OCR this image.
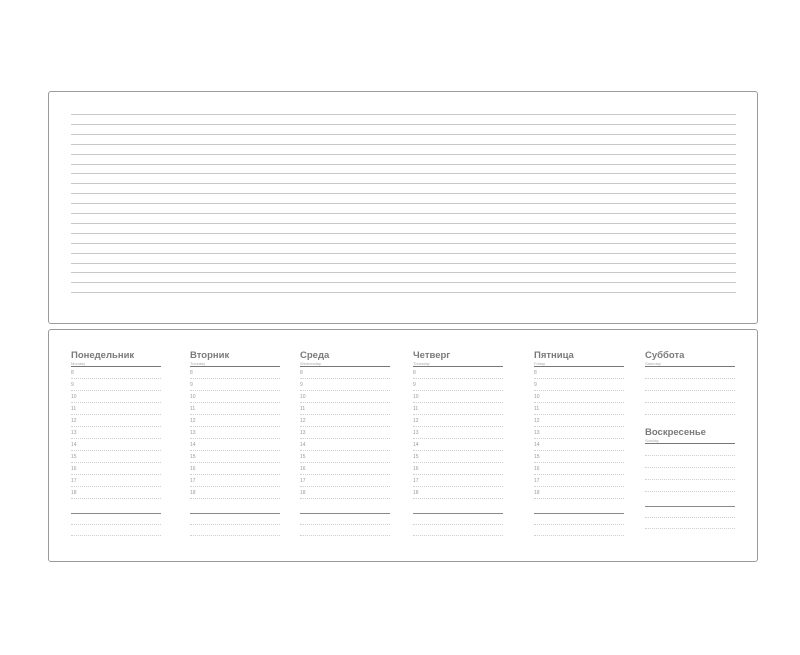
Понедельник
Monday
8
9
10
11
12
13
14
15
16
17
18
Вторник
Tuesday
8
9
10
11
12
13
14
15
16
17
18
Среда
Wednesday
8
9
10
11
12
13
14
15
16
17
18
Четверг
Thursday
8
9
10
11
12
13
14
15
16
17
18
Пятница
Friday
8
9
10
11
12
13
14
15
16
17
18
Суббота
Saturday
Воскресенье
Sunday
